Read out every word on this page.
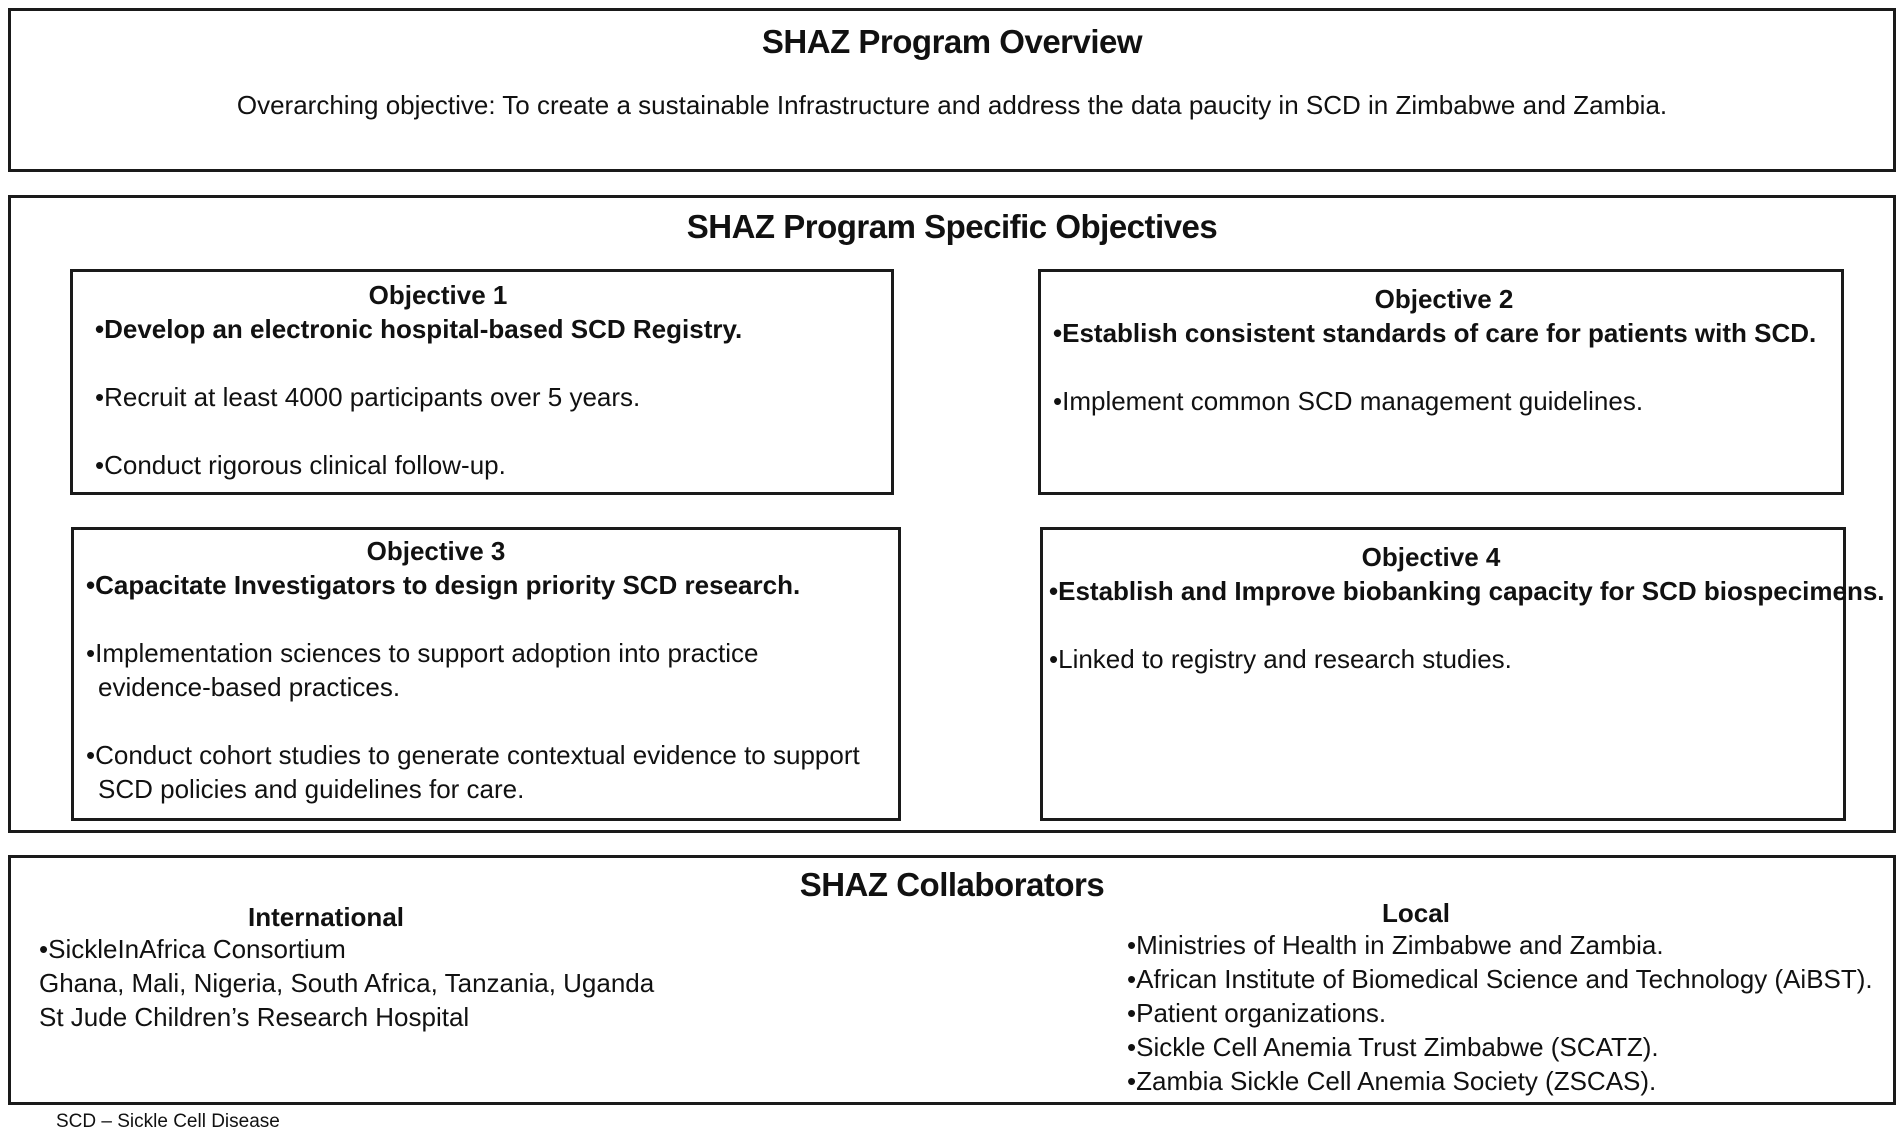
SHAZ Program Overview

Overarching objective: To create a sustainable Infrastructure and address the data paucity in SCD in Zimbabwe and Zambia.

SHAZ Program Specific Objectives

Objective 1

•Develop an electronic hospital-based SCD Registry.

•Recruit at least 4000 participants over 5 years.

•Conduct rigorous clinical follow-up.

Objective 2

•Establish consistent standards of care for patients with SCD.

•Implement common SCD management guidelines.

Objective 3

•Capacitate Investigators to design priority SCD research.

•Implementation sciences to support adoption into practice

evidence-based practices.

•Conduct cohort studies to generate contextual evidence to support

SCD policies and guidelines for care.

Objective 4

•Establish and Improve biobanking capacity for SCD biospecimens.

•Linked to registry and research studies.

SHAZ Collaborators

International

•SickleInAfrica Consortium
Ghana, Mali, Nigeria, South Africa, Tanzania, Uganda
St Jude Children’s Research Hospital

Local

•Ministries of Health in Zimbabwe and Zambia.
•African Institute of Biomedical Science and Technology (AiBST).
•Patient organizations.
•Sickle Cell Anemia Trust Zimbabwe (SCATZ).
•Zambia Sickle Cell Anemia Society (ZSCAS).

SCD – Sickle Cell Disease
